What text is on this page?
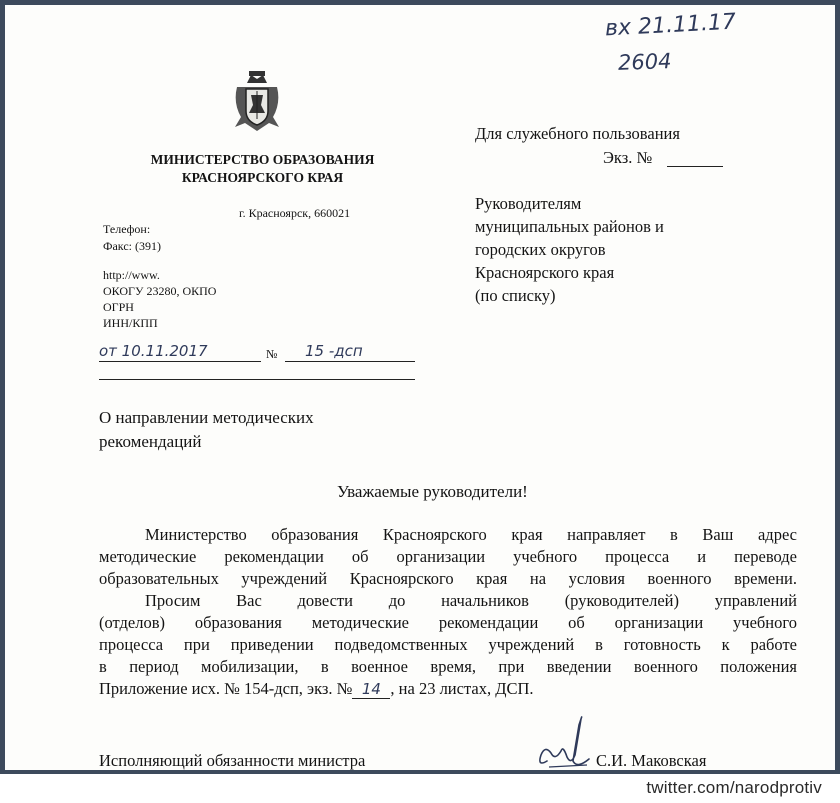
вх 21.11.17
2604
МИНИСТЕРСТВО ОБРАЗОВАНИЯ
КРАСНОЯРСКОГО КРАЯ
г. Красноярск, 660021
Телефон:
Факс: (391)
http://www.
ОКОГУ 23280, ОКПО
ОГРН
ИНН/КПП
от 10.11.2017	№ 15 -дсп
Для служебного пользования
Экз. №
Руководителям
муниципальных районов и
городских округов
Красноярского края
(по списку)
О направлении методических
рекомендаций
Уважаемые руководители!
Министерство образования Красноярского края направляет в Ваш адрес
методические рекомендации об организации учебного процесса и переводе
образовательных учреждений Красноярского края на условия военного времени.
Просим Вас довести до начальников (руководителей) управлений
(отделов) образования методические рекомендации об организации учебного
процесса при приведении подведомственных учреждений в готовность к работе
в период мобилизации, в военное время, при введении военного положения
Приложение исх. № 154-дсп, экз. № 14 , на 23 листах, ДСП.
Исполняющий обязанности министра	С.И. Маковская
twitter.com/narodprotiv
